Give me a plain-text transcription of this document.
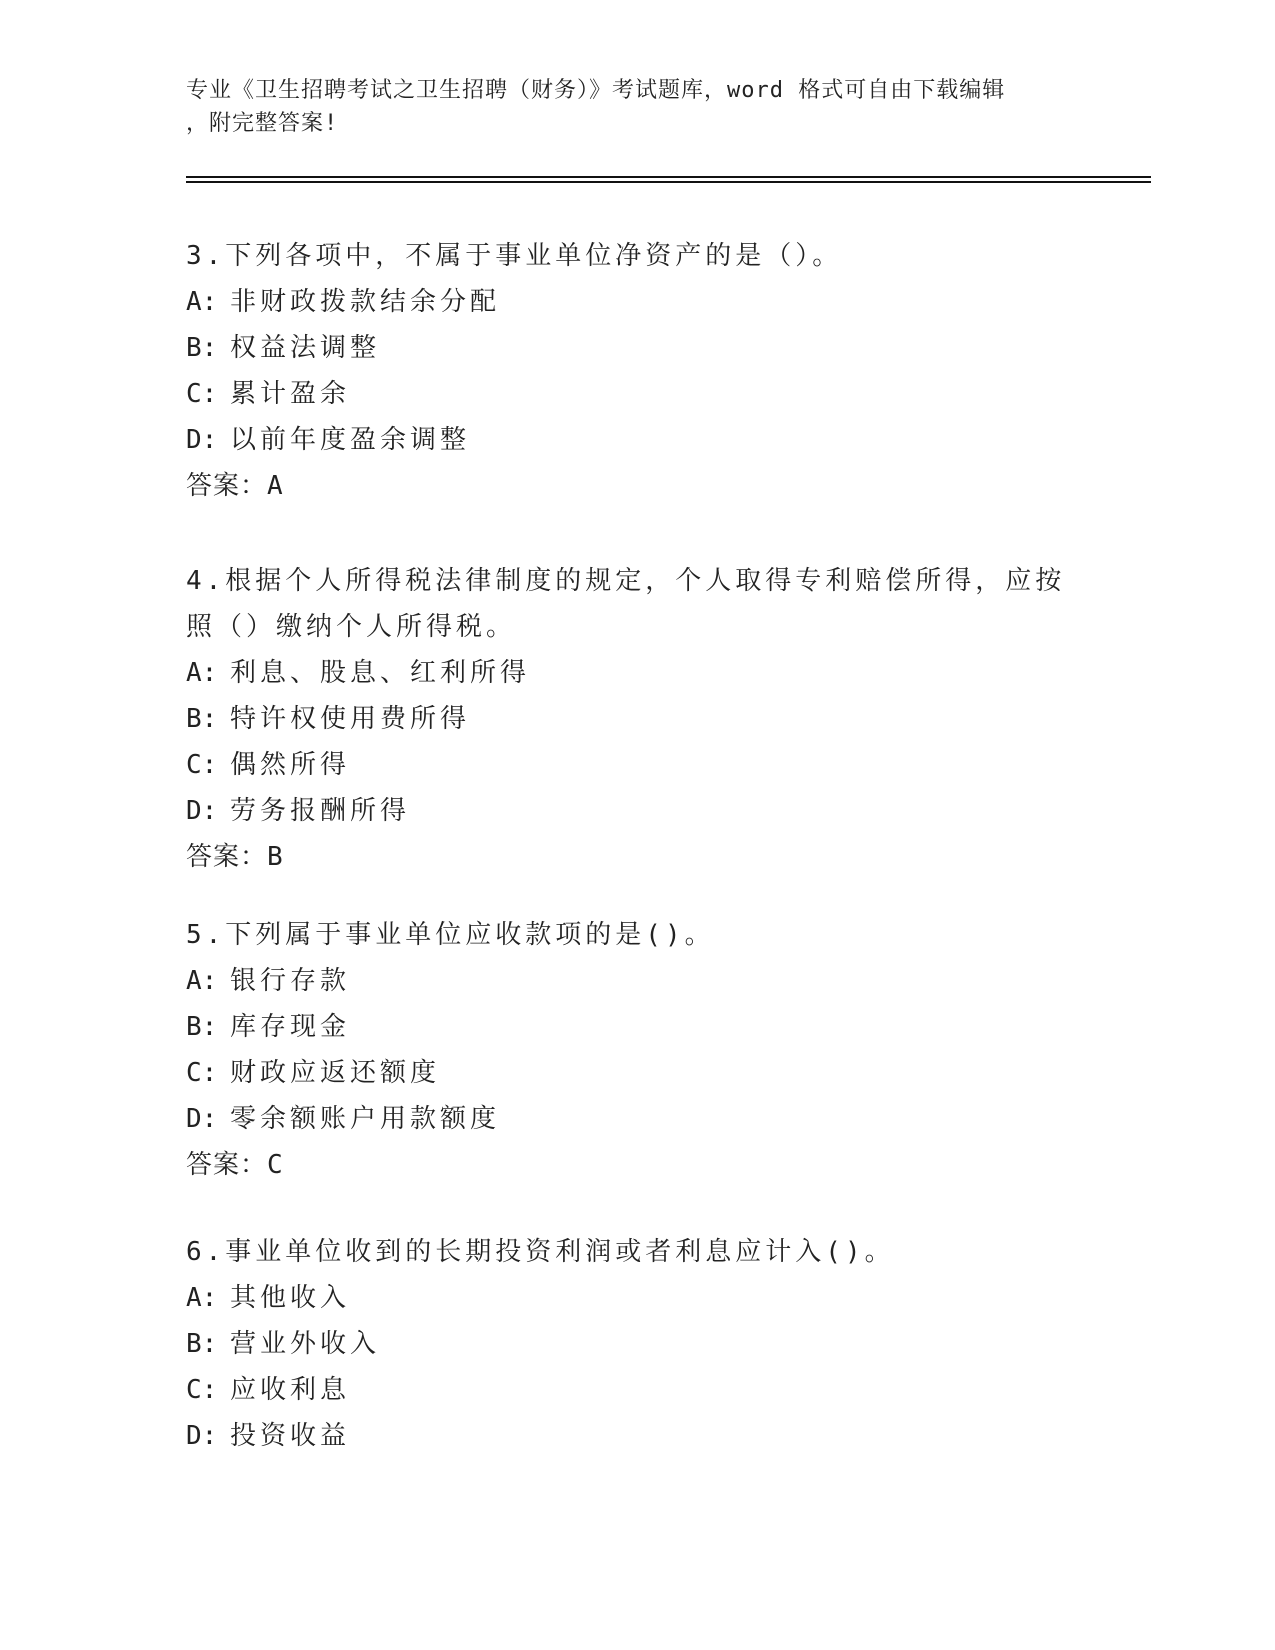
专业《卫生招聘考试之卫生招聘（财务）》考试题库，word 格式可自由下载编辑
，附完整答案!

3.下列各项中，不属于事业单位净资产的是（）。

A: 非财政拨款结余分配

B: 权益法调整

C: 累计盈余

D: 以前年度盈余调整

答案：A

4.根据个人所得税法律制度的规定，个人取得专利赔偿所得，应按照（）缴纳个人所得税。

A: 利息、股息、红利所得

B: 特许权使用费所得

C: 偶然所得

D: 劳务报酬所得

答案：B

5.下列属于事业单位应收款项的是()。

A: 银行存款

B: 库存现金

C: 财政应返还额度

D: 零余额账户用款额度

答案：C

6.事业单位收到的长期投资利润或者利息应计入()。

A: 其他收入

B: 营业外收入

C: 应收利息

D: 投资收益
